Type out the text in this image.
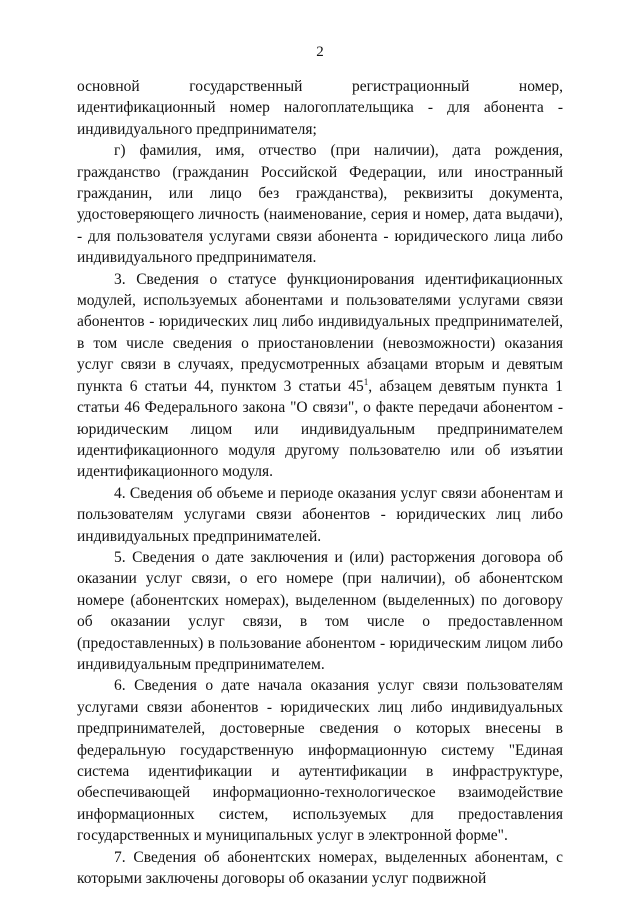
2

основной государственный регистрационный номер, идентификационный номер налогоплательщика - для абонента - индивидуального предпринимателя;

г) фамилия, имя, отчество (при наличии), дата рождения, гражданство (гражданин Российской Федерации, или иностранный гражданин, или лицо без гражданства), реквизиты документа, удостоверяющего личность (наименование, серия и номер, дата выдачи), - для пользователя услугами связи абонента - юридического лица либо индивидуального предпринимателя.

3. Сведения о статусе функционирования идентификационных модулей, используемых абонентами и пользователями услугами связи абонентов - юридических лиц либо индивидуальных предпринимателей, в том числе сведения о приостановлении (невозможности) оказания услуг связи в случаях, предусмотренных абзацами вторым и девятым пункта 6 статьи 44, пунктом 3 статьи $45^1$, абзацем девятым пункта 1 статьи 46 Федерального закона "О связи", о факте передачи абонентом - юридическим лицом или индивидуальным предпринимателем идентификационного модуля другому пользователю или об изъятии идентификационного модуля.

4. Сведения об объеме и периоде оказания услуг связи абонентам и пользователям услугами связи абонентов - юридических лиц либо индивидуальных предпринимателей.

5. Сведения о дате заключения и (или) расторжения договора об оказании услуг связи, о его номере (при наличии), об абонентском номере (абонентских номерах), выделенном (выделенных) по договору об оказании услуг связи, в том числе о предоставленном (предоставленных) в пользование абонентом - юридическим лицом либо индивидуальным предпринимателем.

6. Сведения о дате начала оказания услуг связи пользователям услугами связи абонентов - юридических лиц либо индивидуальных предпринимателей, достоверные сведения о которых внесены в федеральную государственную информационную систему "Единая система идентификации и аутентификации в инфраструктуре, обеспечивающей информационно-технологическое взаимодействие информационных систем, используемых для предоставления государственных и муниципальных услуг в электронной форме".

7. Сведения об абонентских номерах, выделенных абонентам, с которыми заключены договоры об оказании услуг подвижной
